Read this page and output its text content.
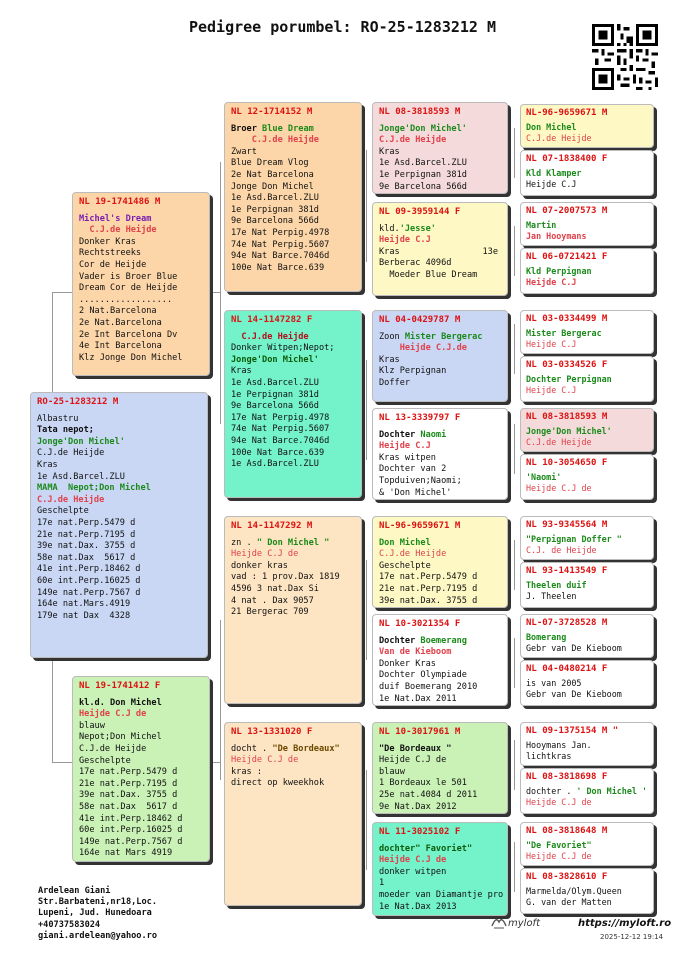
Pedigree porumbel: RO-25-1283212 M
RO-25-1283212 M
Albastru
Tata nepot;
Jonge'Don Michel'
C.J.de Heijde
Kras
1e Asd.Barcel.ZLU
MAMA  Nepot;Don Michel
C.J.de Heijde
Geschelpte
17e nat.Perp.5479 d
21e nat.Perp.7195 d
39e nat.Dax. 3755 d
58e nat.Dax  5617 d
41e int.Perp.18462 d
60e int.Perp.16025 d
149e nat.Perp.7567 d
164e nat.Mars.4919
179e nat Dax  4328
NL 19-1741486 M
Michel's Dream
C.J.de Heijde
Donker Kras
Rechtstreeks
Cor de Heijde
Vader is Broer Blue
Dream Cor de Heijde
..................
2 Nat.Barcelona
2e Nat.Barcelona
2e Int Barcelona Dv
4e Int Barcelona
Klz Jonge Don Michel
NL 19-1741412 F
kl.d. Don Michel
Heijde C.J de
blauw
Nepot;Don Michel
C.J.de Heijde
Geschelpte
17e nat.Perp.5479 d
21e nat.Perp.7195 d
39e nat.Dax. 3755 d
58e nat.Dax  5617 d
41e int.Perp.18462 d
60e int.Perp.16025 d
149e nat.Perp.7567 d
164e nat Mars 4919
NL 12-1714152 M
Broer Blue Dream
C.J.de Heijde
Zwart
Blue Dream Vlog
2e Nat Barcelona
Jonge Don Michel
1e Asd.Barcel.ZLU
1e Perpignan 381d
9e Barcelona 566d
17e Nat Perpig.4978
74e Nat Perpig.5607
94e Nat Barce.7046d
100e Nat Barce.639
NL 14-1147282 F
C.J.de Heijde
Donker Witpen;Nepot;
Jonge'Don Michel'
Kras
1e Asd.Barcel.ZLU
1e Perpignan 381d
9e Barcelona 566d
17e Nat Perpig.4978
74e Nat Perpig.5607
94e Nat Barce.7046d
100e Nat Barce.639
1e Asd.Barcel.ZLU
NL 14-1147292 M
zn . " Don Michel "
Heijde C.J de
donker kras
vad : 1 prov.Dax 1819
4596 3 nat.Dax Si
4 nat . Dax 9057
21 Bergerac 709
NL 13-1331020 F
docht . "De Bordeaux"
Heijde C.J de
kras :
direct op kweekhok
NL 08-3818593 M
Jonge'Don Michel'
C.J.de Heijde
Kras
1e Asd.Barcel.ZLU
1e Perpignan 381d
9e Barcelona 566d
NL 09-3959144 F
kld.'Jesse'
Heijde C.J
Kras                13e
Berberac 4096d
Moeder Blue Dream
NL 04-0429787 M
Zoon Mister Bergerac
Heijde C.J.de
Kras
Klz Perpignan
Doffer
NL 13-3339797 F
Dochter Naomi
Heijde C.J
Kras witpen
Dochter van 2
Topduiven;Naomi;
& 'Don Michel'
NL-96-9659671 M
Don Michel
C.J.de Heijde
Geschelpte
17e nat.Perp.5479 d
21e nat.Perp.7195 d
39e nat.Dax. 3755 d
NL 10-3021354 F
Dochter Boemerang
Van de Kieboom
Donker Kras
Dochter Olympiade
duif Boemerang 2010
1e Nat.Dax 2011
NL 10-3017961 M
"De Bordeaux "
Heijde C.J de
blauw
1 Bordeaux le 501
25e nat.4084 d 2011
9e Nat.Dax 2012
NL 11-3025102 F
dochter" Favoriet"
Heijde C.J de
donker witpen
1
moeder van Diamantje pro
1e Nat.Dax 2013
NL-96-9659671 M
Don Michel
C.J.de Heijde
NL 07-1838400 F
Kld Klamper
Heijde C.J
NL 07-2007573 M
Martin
Jan Hooymans
NL 06-0721421 F
Kld Perpignan
Heijde C.J
NL 03-0334499 M
Mister Bergerac
Heijde C.J
NL 03-0334526 F
Dochter Perpignan
Heijde C.J
NL 08-3818593 M
Jonge'Don Michel'
C.J.de Heijde
NL 10-3054650 F
'Naomi'
Heijde C.J de
NL 93-9345564 M
"Perpignan Doffer "
C.J. de Heijde
NL 93-1413549 F
Theelen duif
J. Theelen
NL-07-3728528 M
Bomerang
Gebr van De Kieboom
NL 04-0480214 F
is van 2005
Gebr van De Kieboom
NL 09-1375154 M "
Hooymans Jan.
lichtkras
NL 08-3818698 F
dochter . ' Don Michel '
Heijde C.J de
NL 08-3818648 M
"De Favoriet"
Heijde C.J de
NL 08-3828610 F
Marmelda/Olym.Queen
G. van der Matten
Ardelean Giani
Str.Barbateni,nr18,Loc.
Lupeni, Jud. Hunedoara
+40737583024
giani.ardelean@yahoo.ro
myloft	https://myloft.ro
2025-12-12 19:14
